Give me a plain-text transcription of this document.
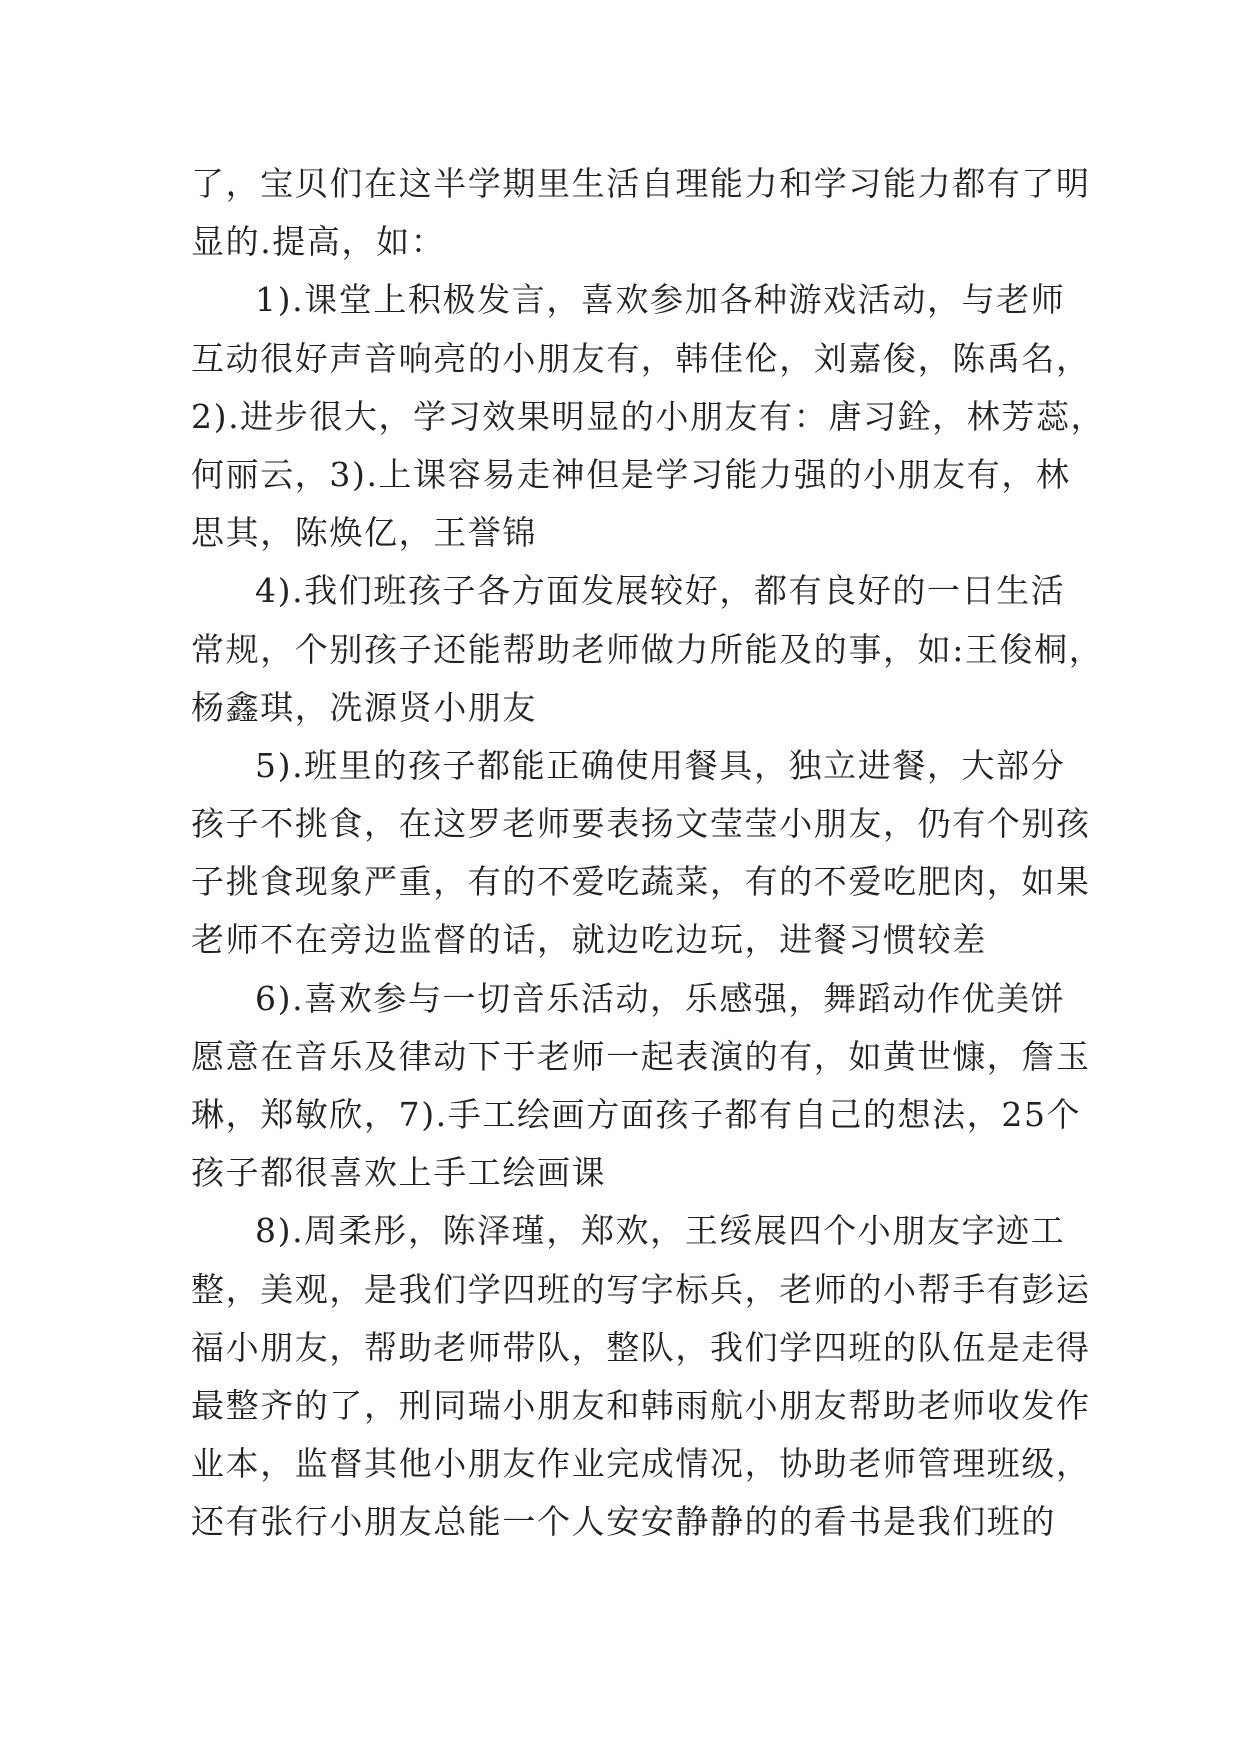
了，宝贝们在这半学期里生活自理能力和学习能力都有了明
显的.提高，如：
1).课堂上积极发言，喜欢参加各种游戏活动，与老师
互动很好声音响亮的小朋友有，韩佳伦，刘嘉俊，陈禹名，
2).进步很大，学习效果明显的小朋友有：唐习銓，林芳蕊，
何丽云，3).上课容易走神但是学习能力强的小朋友有，林
思其，陈焕亿，王誉锦
4).我们班孩子各方面发展较好，都有良好的一日生活
常规，个别孩子还能帮助老师做力所能及的事，如:王俊桐，
杨鑫琪，冼源贤小朋友
5).班里的孩子都能正确使用餐具，独立进餐，大部分
孩子不挑食，在这罗老师要表扬文莹莹小朋友，仍有个别孩
子挑食现象严重，有的不爱吃蔬菜，有的不爱吃肥肉，如果
老师不在旁边监督的话，就边吃边玩，进餐习惯较差
6).喜欢参与一切音乐活动，乐感强，舞蹈动作优美饼
愿意在音乐及律动下于老师一起表演的有，如黄世慷，詹玉
琳，郑敏欣，7).手工绘画方面孩子都有自己的想法，25个
孩子都很喜欢上手工绘画课
8).周柔彤，陈泽瑾，郑欢，王绥展四个小朋友字迹工
整，美观，是我们学四班的写字标兵，老师的小帮手有彭运
福小朋友，帮助老师带队，整队，我们学四班的队伍是走得
最整齐的了，刑同瑞小朋友和韩雨航小朋友帮助老师收发作
业本，监督其他小朋友作业完成情况，协助老师管理班级，
还有张行小朋友总能一个人安安静静的的看书是我们班的
